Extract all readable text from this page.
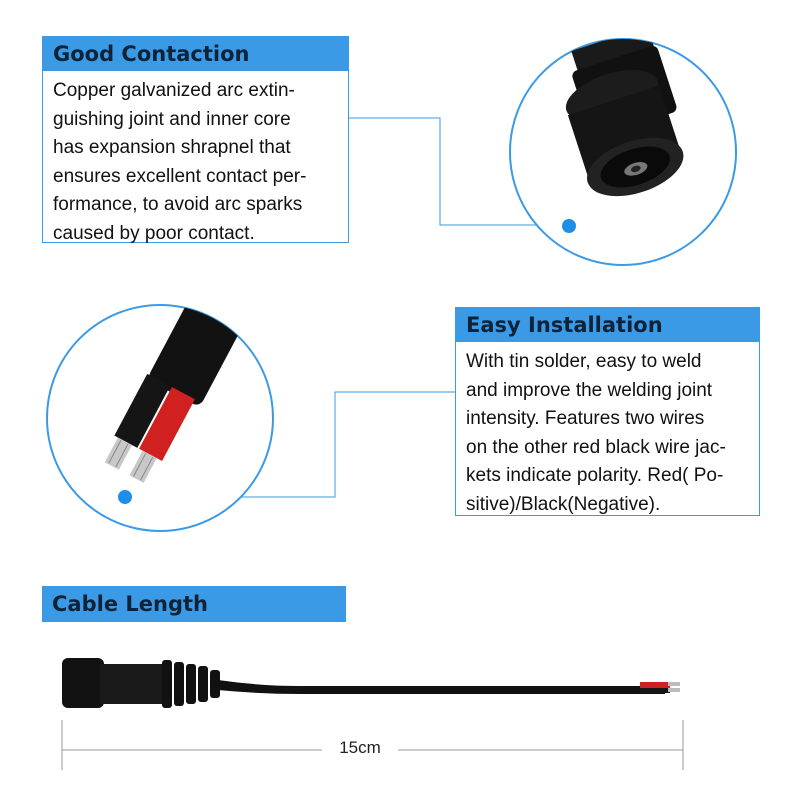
Good Contaction
Copper galvanized arc extin-
guishing joint and inner core
has expansion shrapnel that
ensures excellent contact per-
formance, to avoid arc sparks
caused by poor contact.
Easy Installation
With tin solder, easy to weld
and improve the welding joint
intensity. Features two wires
on the other red black wire jac-
kets indicate polarity. Red( Po-
sitive)/Black(Negative).
Cable Length
15cm
